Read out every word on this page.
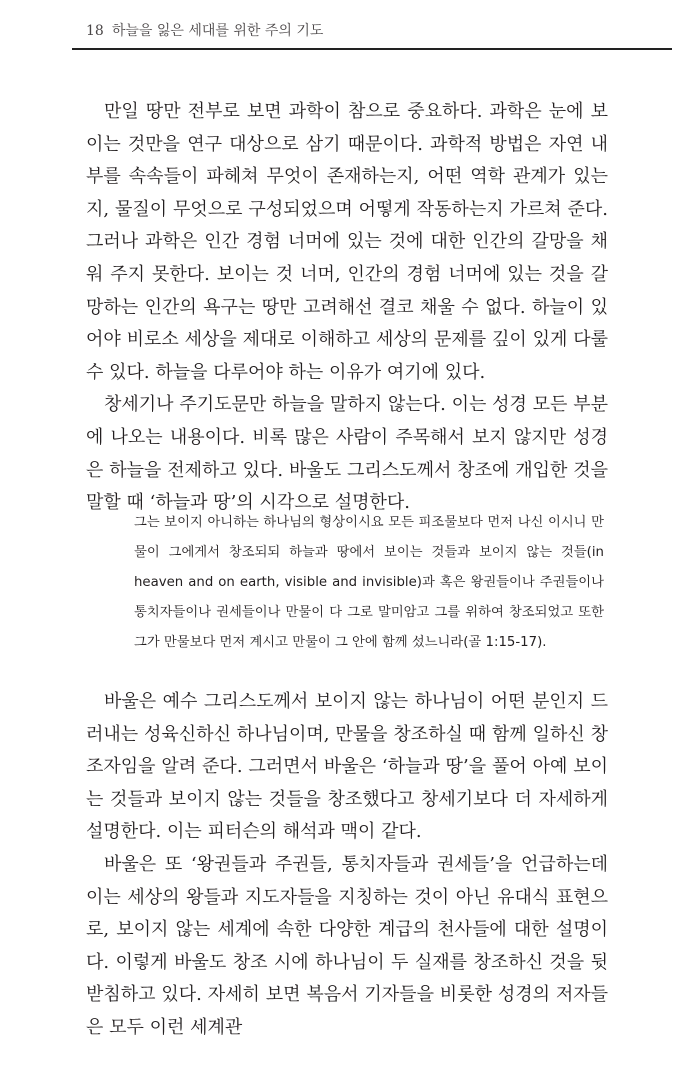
18 하늘을 잃은 세대를 위한 주의 기도

만일 땅만 전부로 보면 과학이 참으로 중요하다. 과학은 눈에 보이는 것만을 연구 대상으로 삼기 때문이다. 과학적 방법은 자연 내부를 속속들이 파헤쳐 무엇이 존재하는지, 어떤 역학 관계가 있는지, 물질이 무엇으로 구성되었으며 어떻게 작동하는지 가르쳐 준다. 그러나 과학은 인간 경험 너머에 있는 것에 대한 인간의 갈망을 채워 주지 못한다. 보이는 것 너머, 인간의 경험 너머에 있는 것을 갈망하는 인간의 욕구는 땅만 고려해선 결코 채울 수 없다. 하늘이 있어야 비로소 세상을 제대로 이해하고 세상의 문제를 깊이 있게 다룰 수 있다. 하늘을 다루어야 하는 이유가 여기에 있다.

창세기나 주기도문만 하늘을 말하지 않는다. 이는 성경 모든 부분에 나오는 내용이다. 비록 많은 사람이 주목해서 보지 않지만 성경은 하늘을 전제하고 있다. 바울도 그리스도께서 창조에 개입한 것을 말할 때 ‘하늘과 땅’의 시각으로 설명한다.

그는 보이지 아니하는 하나님의 형상이시요 모든 피조물보다 먼저 나신 이시니 만물이 그에게서 창조되되 하늘과 땅에서 보이는 것들과 보이지 않는 것들(in heaven and on earth, visible and invisible)과 혹은 왕권들이나 주권들이나 통치자들이나 권세들이나 만물이 다 그로 말미암고 그를 위하여 창조되었고 또한 그가 만물보다 먼저 계시고 만물이 그 안에 함께 섰느니라(골 1:15-17).

바울은 예수 그리스도께서 보이지 않는 하나님이 어떤 분인지 드러내는 성육신하신 하나님이며, 만물을 창조하실 때 함께 일하신 창조자임을 알려 준다. 그러면서 바울은 ‘하늘과 땅’을 풀어 아예 보이는 것들과 보이지 않는 것들을 창조했다고 창세기보다 더 자세하게 설명한다. 이는 피터슨의 해석과 맥이 같다.

바울은 또 ‘왕권들과 주권들, 통치자들과 권세들’을 언급하는데 이는 세상의 왕들과 지도자들을 지칭하는 것이 아닌 유대식 표현으로, 보이지 않는 세계에 속한 다양한 계급의 천사들에 대한 설명이다. 이렇게 바울도 창조 시에 하나님이 두 실재를 창조하신 것을 뒷받침하고 있다. 자세히 보면 복음서 기자들을 비롯한 성경의 저자들은 모두 이런 세계관
